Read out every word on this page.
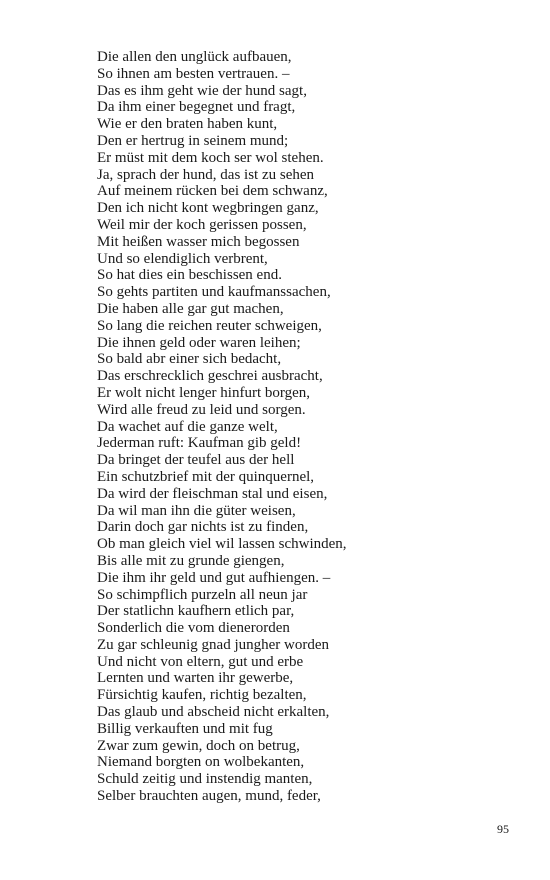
Die allen den unglück aufbauen,
So ihnen am besten vertrauen. –
Das es ihm geht wie der hund sagt,
Da ihm einer begegnet und fragt,
Wie er den braten haben kunt,
Den er hertrug in seinem mund;
Er müst mit dem koch ser wol stehen.
Ja, sprach der hund, das ist zu sehen
Auf meinem rücken bei dem schwanz,
Den ich nicht kont wegbringen ganz,
Weil mir der koch gerissen possen,
Mit heißen wasser mich begossen
Und so elendiglich verbrent,
So hat dies ein beschissen end.
So gehts partiten und kaufmanssachen,
Die haben alle gar gut machen,
So lang die reichen reuter schweigen,
Die ihnen geld oder waren leihen;
So bald abr einer sich bedacht,
Das erschrecklich geschrei ausbracht,
Er wolt nicht lenger hinfurt borgen,
Wird alle freud zu leid und sorgen.
Da wachet auf die ganze welt,
Jederman ruft: Kaufman gib geld!
Da bringet der teufel aus der hell
Ein schutzbrief mit der quinquernel,
Da wird der fleischman stal und eisen,
Da wil man ihn die güter weisen,
Darin doch gar nichts ist zu finden,
Ob man gleich viel wil lassen schwinden,
Bis alle mit zu grunde giengen,
Die ihm ihr geld und gut aufhiengen. –
So schimpflich purzeln all neun jar
Der statlichn kaufhern etlich par,
Sonderlich die vom dienerorden
Zu gar schleunig gnad jungher worden
Und nicht von eltern, gut und erbe
Lernten und warten ihr gewerbe,
Fürsichtig kaufen, richtig bezalten,
Das glaub und abscheid nicht erkalten,
Billig verkauften und mit fug
Zwar zum gewin, doch on betrug,
Niemand borgten on wolbekanten,
Schuld zeitig und instendig manten,
Selber brauchten augen, mund, feder,
95
